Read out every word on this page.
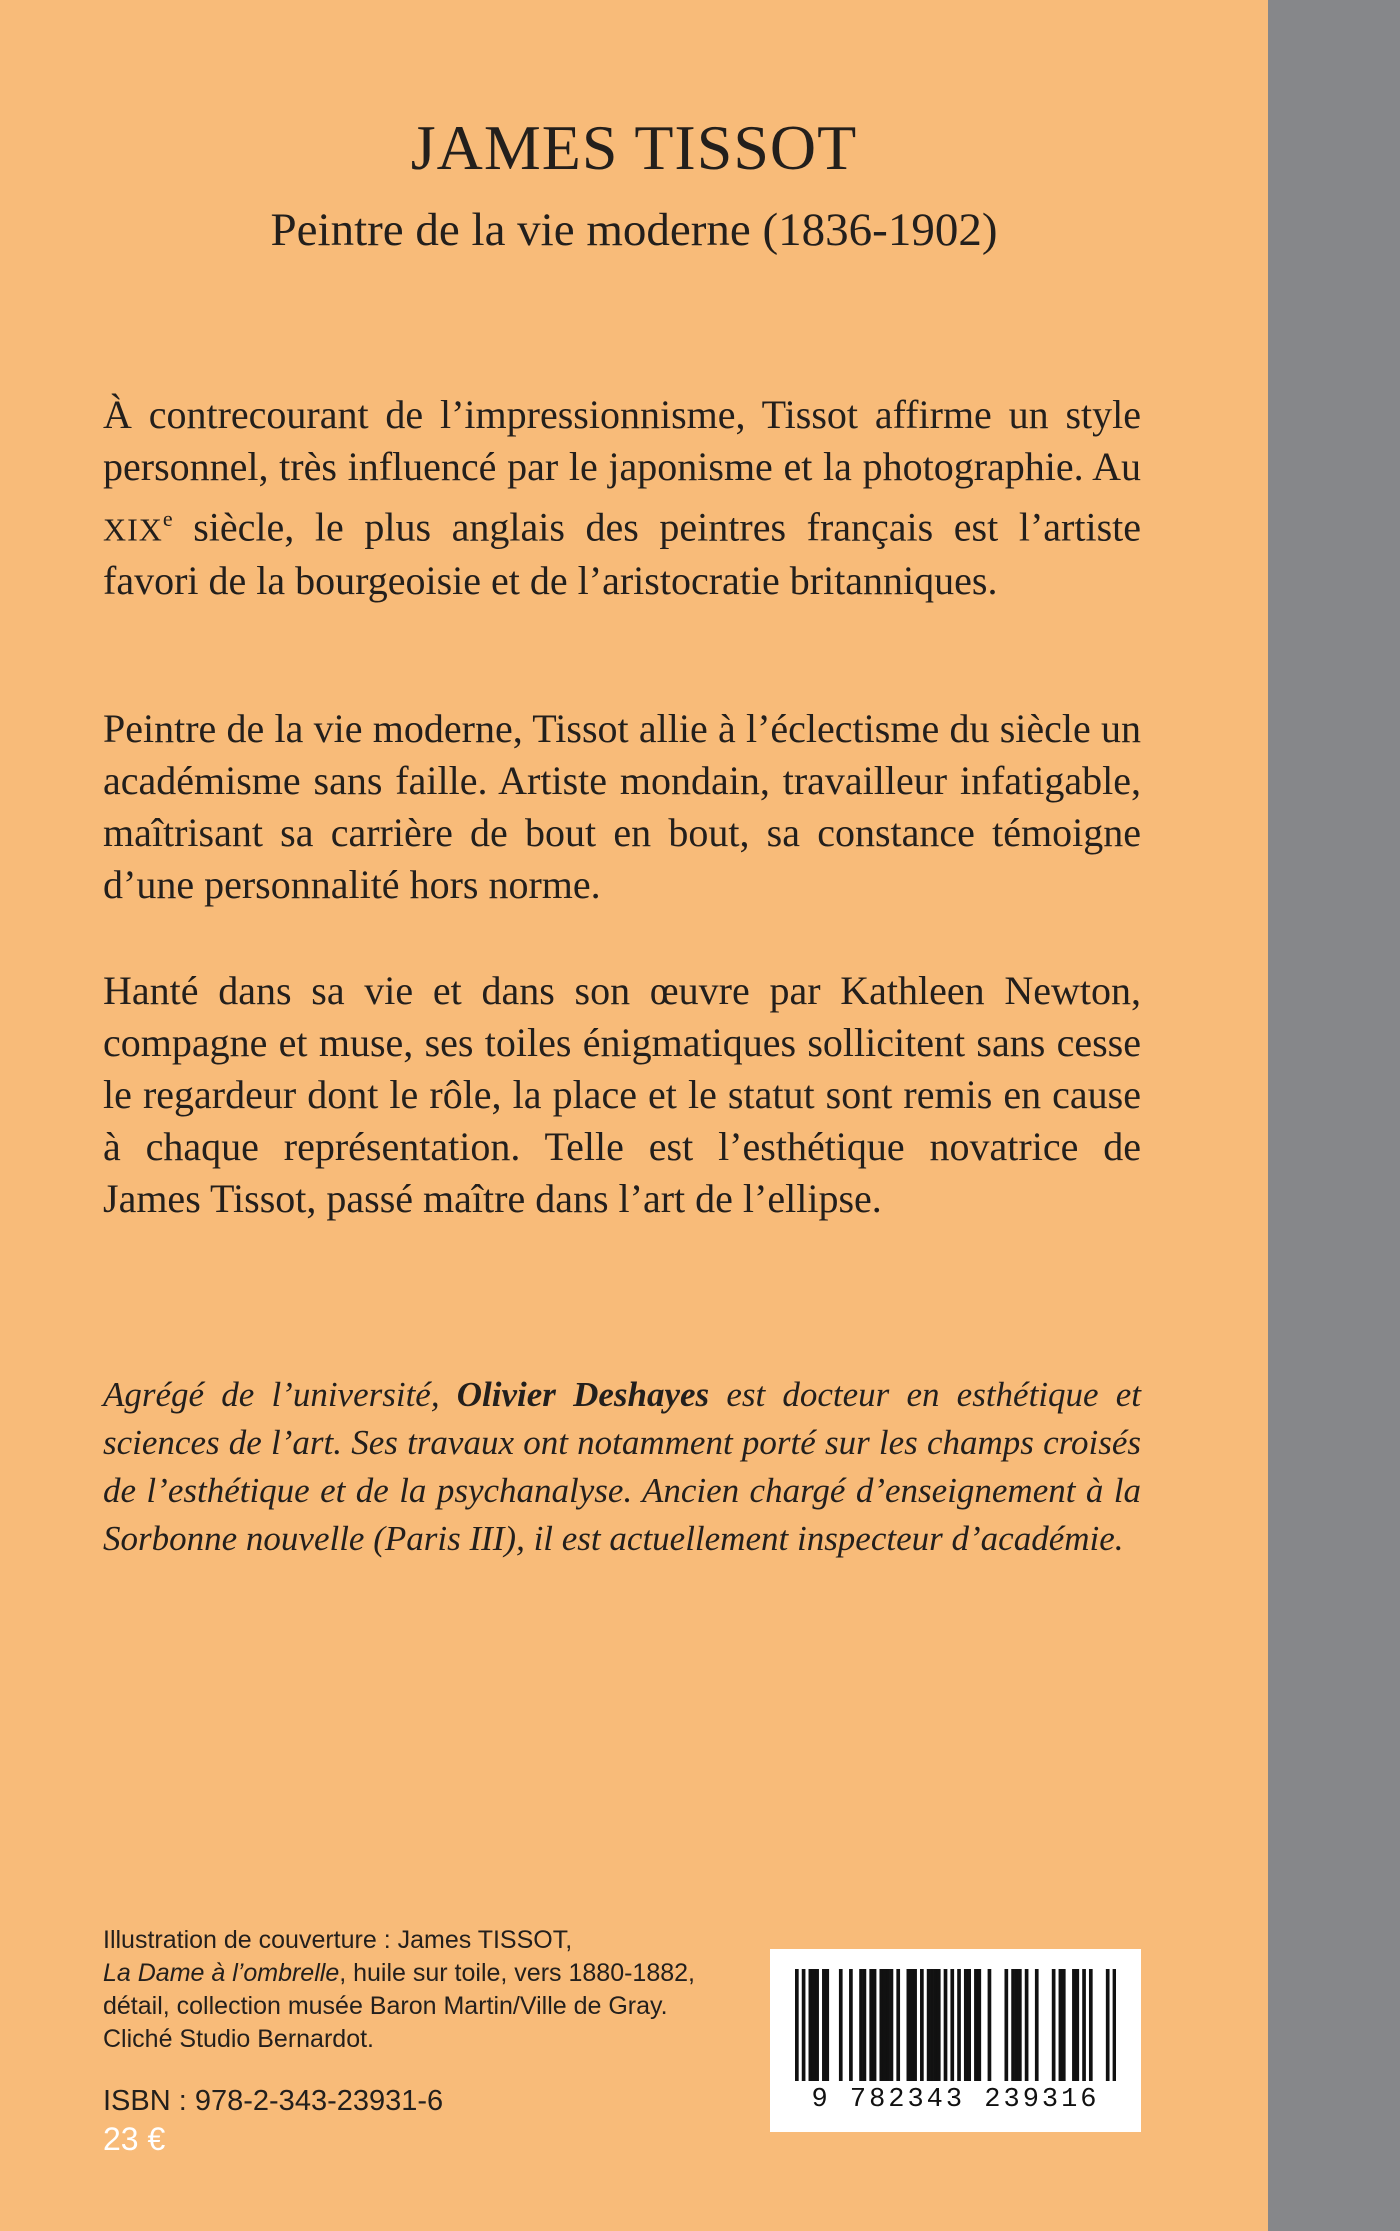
JAMES TISSOT
Peintre de la vie moderne (1836-1902)

À contrecourant de l’impressionnisme, Tissot affirme un style personnel, très influencé par le japonisme et la photographie. Au XIXe siècle, le plus anglais des peintres français est l’artiste favori de la bourgeoisie et de l’aristocratie britanniques.

Peintre de la vie moderne, Tissot allie à l’éclectisme du siècle un académisme sans faille. Artiste mondain, travailleur infatigable, maîtrisant sa carrière de bout en bout, sa constance témoigne d’une personnalité hors norme.

Hanté dans sa vie et dans son œuvre par Kathleen Newton, compagne et muse, ses toiles énigmatiques sollicitent sans cesse le regardeur dont le rôle, la place et le statut sont remis en cause à chaque représentation. Telle est l’esthétique novatrice de James Tissot, passé maître dans l’art de l’ellipse.

Agrégé de l’université, Olivier Deshayes est docteur en esthétique et sciences de l’art. Ses travaux ont notamment porté sur les champs croisés de l’esthétique et de la psychanalyse. Ancien chargé d’enseignement à la Sorbonne nouvelle (Paris III), il est actuellement inspecteur d’académie.

Illustration de couverture : James TISSOT,
La Dame à l’ombrelle, huile sur toile, vers 1880-1882, détail, collection musée Baron Martin/Ville de Gray. Cliché Studio Bernardot.

ISBN : 978-2-343-23931-6
23 €
9 782343 239316
